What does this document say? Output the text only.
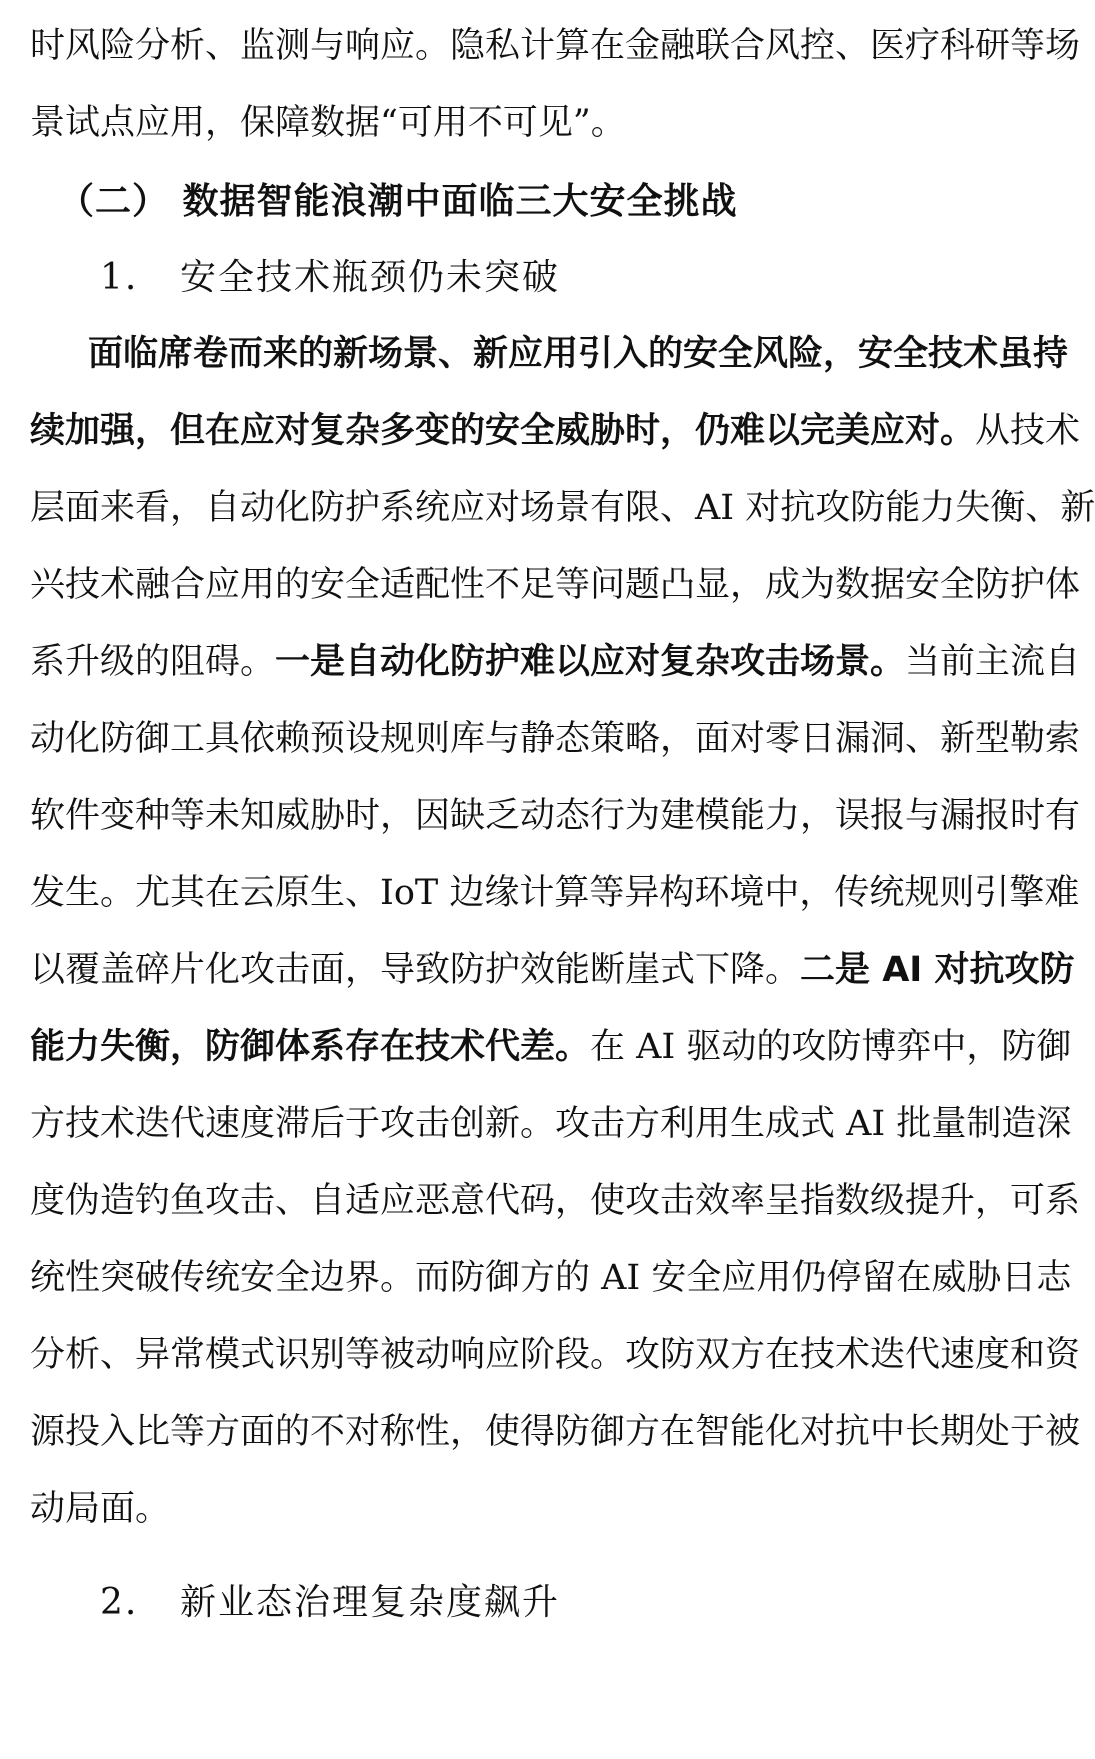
时风险分析、监测与响应。隐私计算在金融联合风控、医疗科研等场
景试点应用，保障数据“可用不可见”。
（二） 数据智能浪潮中面临三大安全挑战
1. 安全技术瓶颈仍未突破
面临席卷而来的新场景、新应用引入的安全风险，安全技术虽持
续加强，但在应对复杂多变的安全威胁时，仍难以完美应对。从技术
层面来看，自动化防护系统应对场景有限、AI 对抗攻防能力失衡、新
兴技术融合应用的安全适配性不足等问题凸显，成为数据安全防护体
系升级的阻碍。一是自动化防护难以应对复杂攻击场景。当前主流自
动化防御工具依赖预设规则库与静态策略，面对零日漏洞、新型勒索
软件变种等未知威胁时，因缺乏动态行为建模能力，误报与漏报时有
发生。尤其在云原生、IoT 边缘计算等异构环境中，传统规则引擎难
以覆盖碎片化攻击面，导致防护效能断崖式下降。二是 AI 对抗攻防
能力失衡，防御体系存在技术代差。在 AI 驱动的攻防博弈中，防御
方技术迭代速度滞后于攻击创新。攻击方利用生成式 AI 批量制造深
度伪造钓鱼攻击、自适应恶意代码，使攻击效率呈指数级提升，可系
统性突破传统安全边界。而防御方的 AI 安全应用仍停留在威胁日志
分析、异常模式识别等被动响应阶段。攻防双方在技术迭代速度和资
源投入比等方面的不对称性，使得防御方在智能化对抗中长期处于被
动局面。
2. 新业态治理复杂度飙升
